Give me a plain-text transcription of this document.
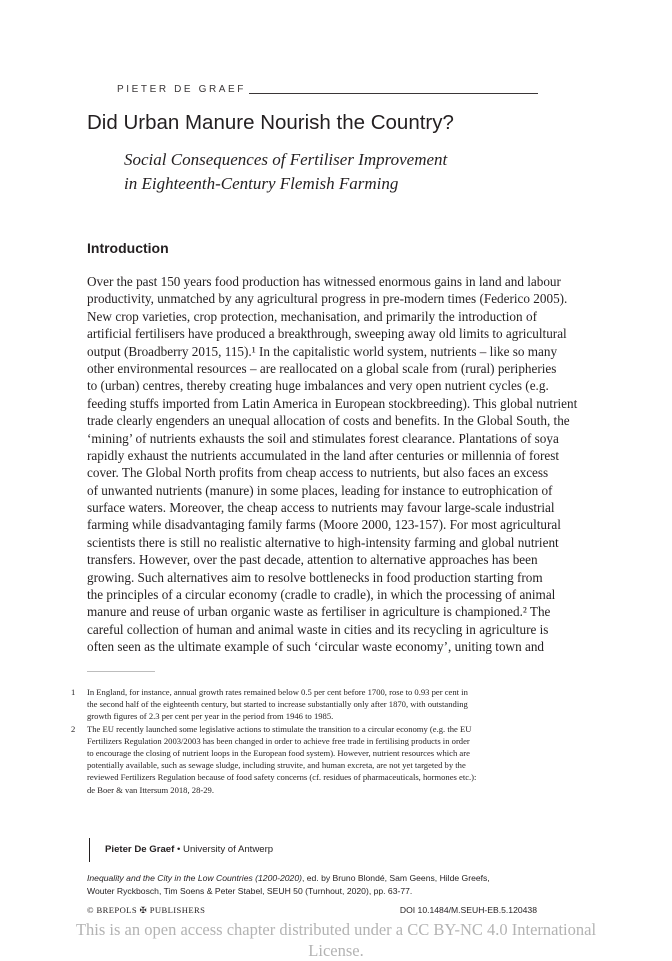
PIETER DE GRAEF
Did Urban Manure Nourish the Country?
Social Consequences of Fertiliser Improvement
in Eighteenth-Century Flemish Farming
Introduction
Over the past 150 years food production has witnessed enormous gains in land and labour
productivity, unmatched by any agricultural progress in pre-modern times (Federico 2005).
New crop varieties, crop protection, mechanisation, and primarily the introduction of
artificial fertilisers have produced a breakthrough, sweeping away old limits to agricultural
output (Broadberry 2015, 115).¹ In the capitalistic world system, nutrients – like so many
other environmental resources – are reallocated on a global scale from (rural) peripheries
to (urban) centres, thereby creating huge imbalances and very open nutrient cycles (e.g.
feeding stuffs imported from Latin America in European stockbreeding). This global nutrient
trade clearly engenders an unequal allocation of costs and benefits. In the Global South, the
‘mining’ of nutrients exhausts the soil and stimulates forest clearance. Plantations of soya
rapidly exhaust the nutrients accumulated in the land after centuries or millennia of forest
cover. The Global North profits from cheap access to nutrients, but also faces an excess
of unwanted nutrients (manure) in some places, leading for instance to eutrophication of
surface waters. Moreover, the cheap access to nutrients may favour large-scale industrial
farming while disadvantaging family farms (Moore 2000, 123-157). For most agricultural
scientists there is still no realistic alternative to high-intensity farming and global nutrient
transfers. However, over the past decade, attention to alternative approaches has been
growing. Such alternatives aim to resolve bottlenecks in food production starting from
the principles of a circular economy (cradle to cradle), in which the processing of animal
manure and reuse of urban organic waste as fertiliser in agriculture is championed.² The
careful collection of human and animal waste in cities and its recycling in agriculture is
often seen as the ultimate example of such ‘circular waste economy’, uniting town and
1 In England, for instance, annual growth rates remained below 0.5 per cent before 1700, rose to 0.93 per cent in
the second half of the eighteenth century, but started to increase substantially only after 1870, with outstanding
growth figures of 2.3 per cent per year in the period from 1946 to 1985.
2 The EU recently launched some legislative actions to stimulate the transition to a circular economy (e.g. the EU
Fertilizers Regulation 2003/2003 has been changed in order to achieve free trade in fertilising products in order
to encourage the closing of nutrient loops in the European food system). However, nutrient resources which are
potentially available, such as sewage sludge, including struvite, and human excreta, are not yet targeted by the
reviewed Fertilizers Regulation because of food safety concerns (cf. residues of pharmaceuticals, hormones etc.):
de Boer & van Ittersum 2018, 28-29.
Pieter De Graef • University of Antwerp
Inequality and the City in the Low Countries (1200-2020), ed. by Bruno Blondé, Sam Geens, Hilde Greefs,
Wouter Ryckbosch, Tim Soens & Peter Stabel, SEUH 50 (Turnhout, 2020), pp. 63-77.
© BREPOLS ✠ PUBLISHERS	DOI 10.1484/M.SEUH-EB.5.120438
This is an open access chapter distributed under a CC BY-NC 4.0 International
License.
